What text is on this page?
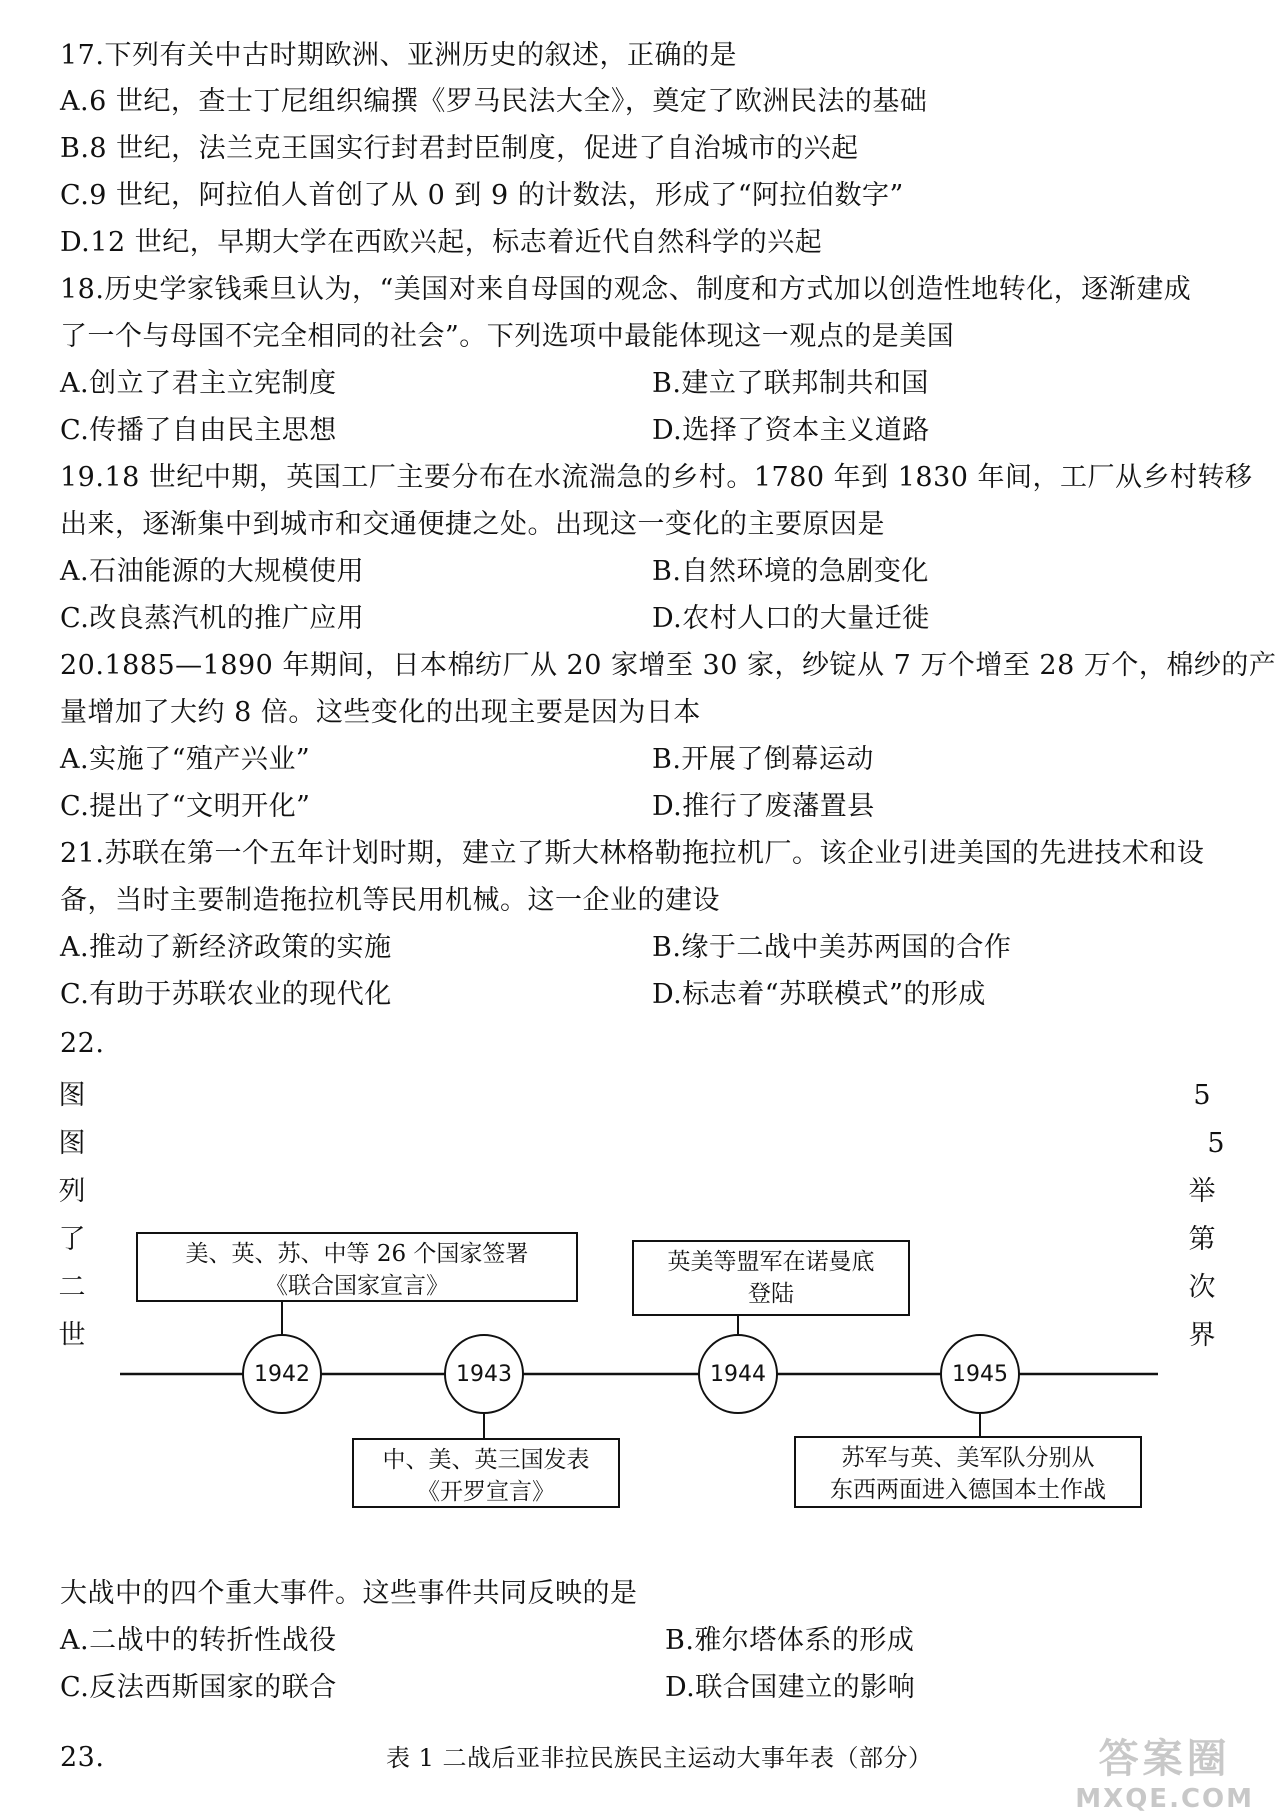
17.下列有关中古时期欧洲、亚洲历史的叙述，正确的是
A.6 世纪，查士丁尼组织编撰《罗马民法大全》，奠定了欧洲民法的基础
B.8 世纪，法兰克王国实行封君封臣制度，促进了自治城市的兴起
C.9 世纪，阿拉伯人首创了从 0 到 9 的计数法，形成了“阿拉伯数字”
D.12 世纪，早期大学在西欧兴起，标志着近代自然科学的兴起
18.历史学家钱乘旦认为，“美国对来自母国的观念、制度和方式加以创造性地转化，逐渐建成
了一个与母国不完全相同的社会”。下列选项中最能体现这一观点的是美国
A.创立了君主立宪制度	B.建立了联邦制共和国
C.传播了自由民主思想	D.选择了资本主义道路
19.18 世纪中期，英国工厂主要分布在水流湍急的乡村。1780 年到 1830 年间，工厂从乡村转移
出来，逐渐集中到城市和交通便捷之处。出现这一变化的主要原因是
A.石油能源的大规模使用	B.自然环境的急剧变化
C.改良蒸汽机的推广应用	D.农村人口的大量迁徙
20.1885—1890 年期间，日本棉纺厂从 20 家增至 30 家，纱锭从 7 万个增至 28 万个，棉纱的产
量增加了大约 8 倍。这些变化的出现主要是因为日本
A.实施了“殖产兴业”	B.开展了倒幕运动
C.提出了“文明开化”	D.推行了废藩置县
21.苏联在第一个五年计划时期，建立了斯大林格勒拖拉机厂。该企业引进美国的先进技术和设
备，当时主要制造拖拉机等民用机械。这一企业的建设
A.推动了新经济政策的实施	B.缘于二战中美苏两国的合作
C.有助于苏联农业的现代化	D.标志着“苏联模式”的形成
22.
图
图
列
了
二
世
5
5
举
第
次
界
1942	1943	1944	1945
美、英、苏、中等 26 个国家签署
《联合国家宣言》
中、美、英三国发表
《开罗宣言》
英美等盟军在诺曼底
登陆
苏军与英、美军队分别从
东西两面进入德国本土作战
大战中的四个重大事件。这些事件共同反映的是
A.二战中的转折性战役	B.雅尔塔体系的形成
C.反法西斯国家的联合	D.联合国建立的影响
23.	表 1 二战后亚非拉民族民主运动大事年表（部分）	答案圈
MXQE.COM
